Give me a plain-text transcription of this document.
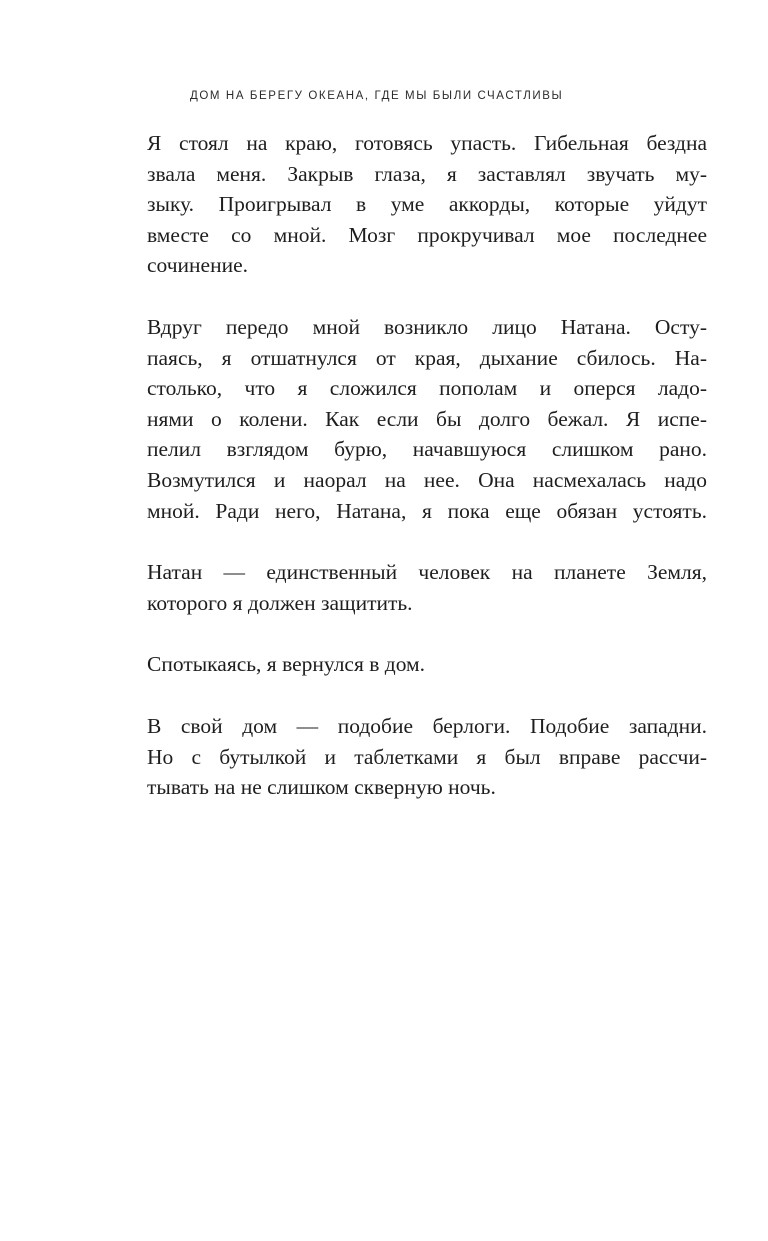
ДОМ НА БЕРЕГУ ОКЕАНА, ГДЕ МЫ БЫЛИ СЧАСТЛИВЫ

Я стоял на краю, готовясь упасть. Гибельная бездна
звала меня. Закрыв глаза, я заставлял звучать му-
зыку. Проигрывал в уме аккорды, которые уйдут
вместе со мной. Мозг прокручивал мое последнее
сочинение.

Вдруг передо мной возникло лицо Натана. Осту-
паясь, я отшатнулся от края, дыхание сбилось. На-
столько, что я сложился пополам и оперся ладо-
нями о колени. Как если бы долго бежал. Я испе-
пелил взглядом бурю, начавшуюся слишком рано.
Возмутился и наорал на нее. Она насмехалась надо
мной. Ради него, Натана, я пока еще обязан устоять.

Натан — единственный человек на планете Земля,
которого я должен защитить.

Спотыкаясь, я вернулся в дом.

В свой дом — подобие берлоги. Подобие западни.
Но с бутылкой и таблетками я был вправе рассчи-
тывать на не слишком скверную ночь.
